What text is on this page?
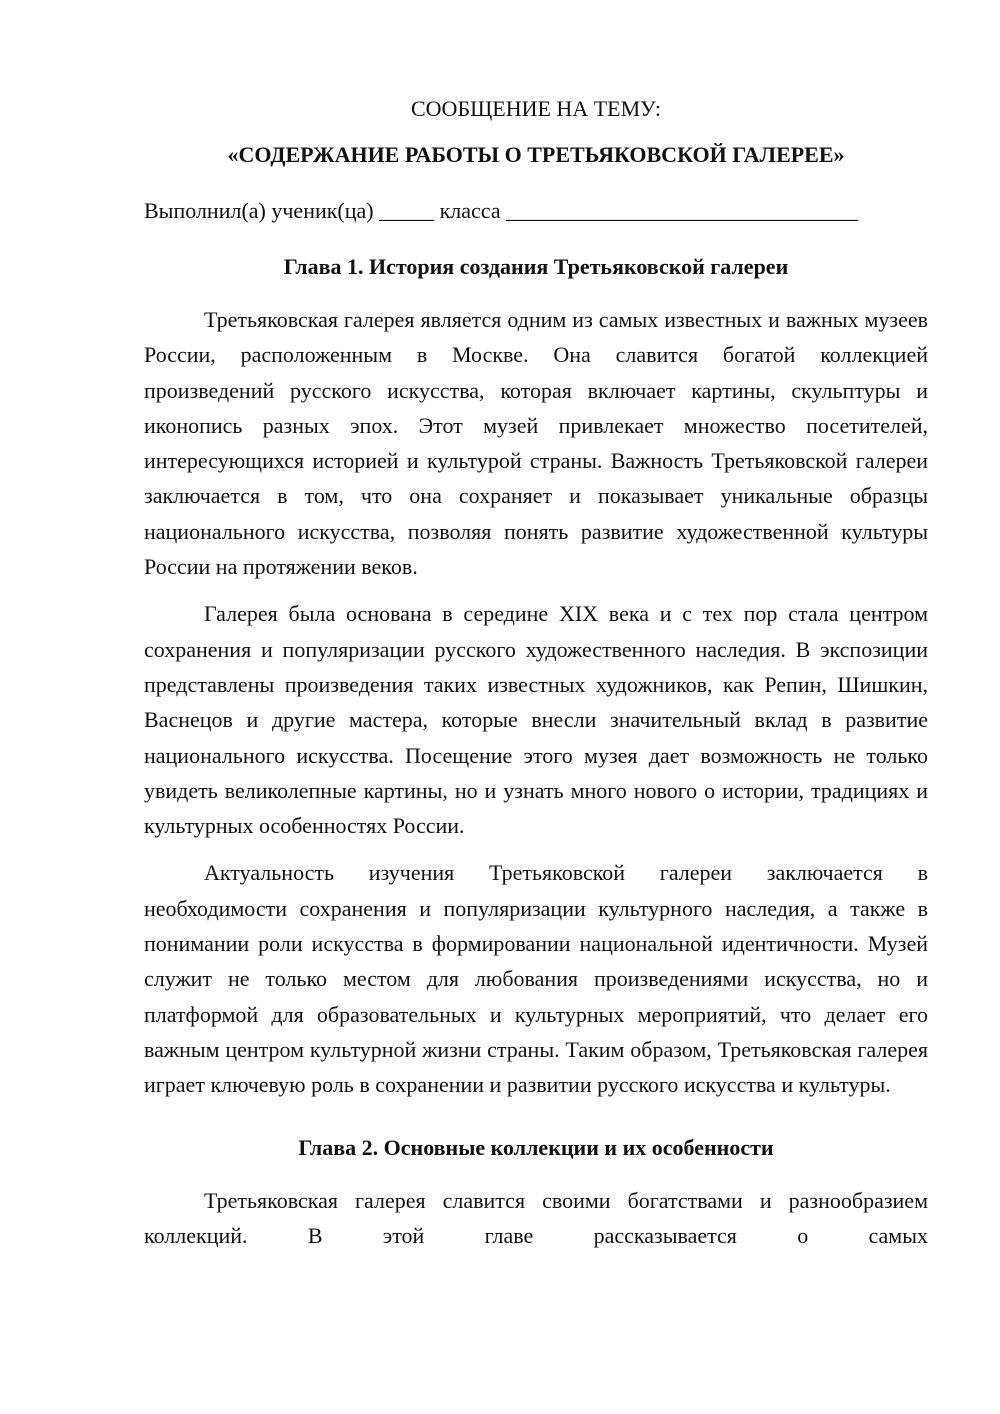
СООБЩЕНИЕ НА ТЕМУ:

«СОДЕРЖАНИЕ РАБОТЫ О ТРЕТЬЯКОВСКОЙ ГАЛЕРЕЕ»

Выполнил(а) ученик(ца) _____ класса ________________________________

Глава 1. История создания Третьяковской галереи

Третьяковская галерея является одним из самых известных и важных музеев России, расположенным в Москве. Она славится богатой коллекцией произведений русского искусства, которая включает картины, скульптуры и иконопись разных эпох. Этот музей привлекает множество посетителей, интересующихся историей и культурой страны. Важность Третьяковской галереи заключается в том, что она сохраняет и показывает уникальные образцы национального искусства, позволяя понять развитие художественной культуры России на протяжении веков.

Галерея была основана в середине XIX века и с тех пор стала центром сохранения и популяризации русского художественного наследия. В экспозиции представлены произведения таких известных художников, как Репин, Шишкин, Васнецов и другие мастера, которые внесли значительный вклад в развитие национального искусства. Посещение этого музея дает возможность не только увидеть великолепные картины, но и узнать много нового о истории, традициях и культурных особенностях России.

Актуальность изучения Третьяковской галереи заключается в необходимости сохранения и популяризации культурного наследия, а также в понимании роли искусства в формировании национальной идентичности. Музей служит не только местом для любования произведениями искусства, но и платформой для образовательных и культурных мероприятий, что делает его важным центром культурной жизни страны. Таким образом, Третьяковская галерея играет ключевую роль в сохранении и развитии русского искусства и культуры.

Глава 2. Основные коллекции и их особенности

Третьяковская галерея славится своими богатствами и разнообразием коллекций. В этой главе рассказывается о самых
